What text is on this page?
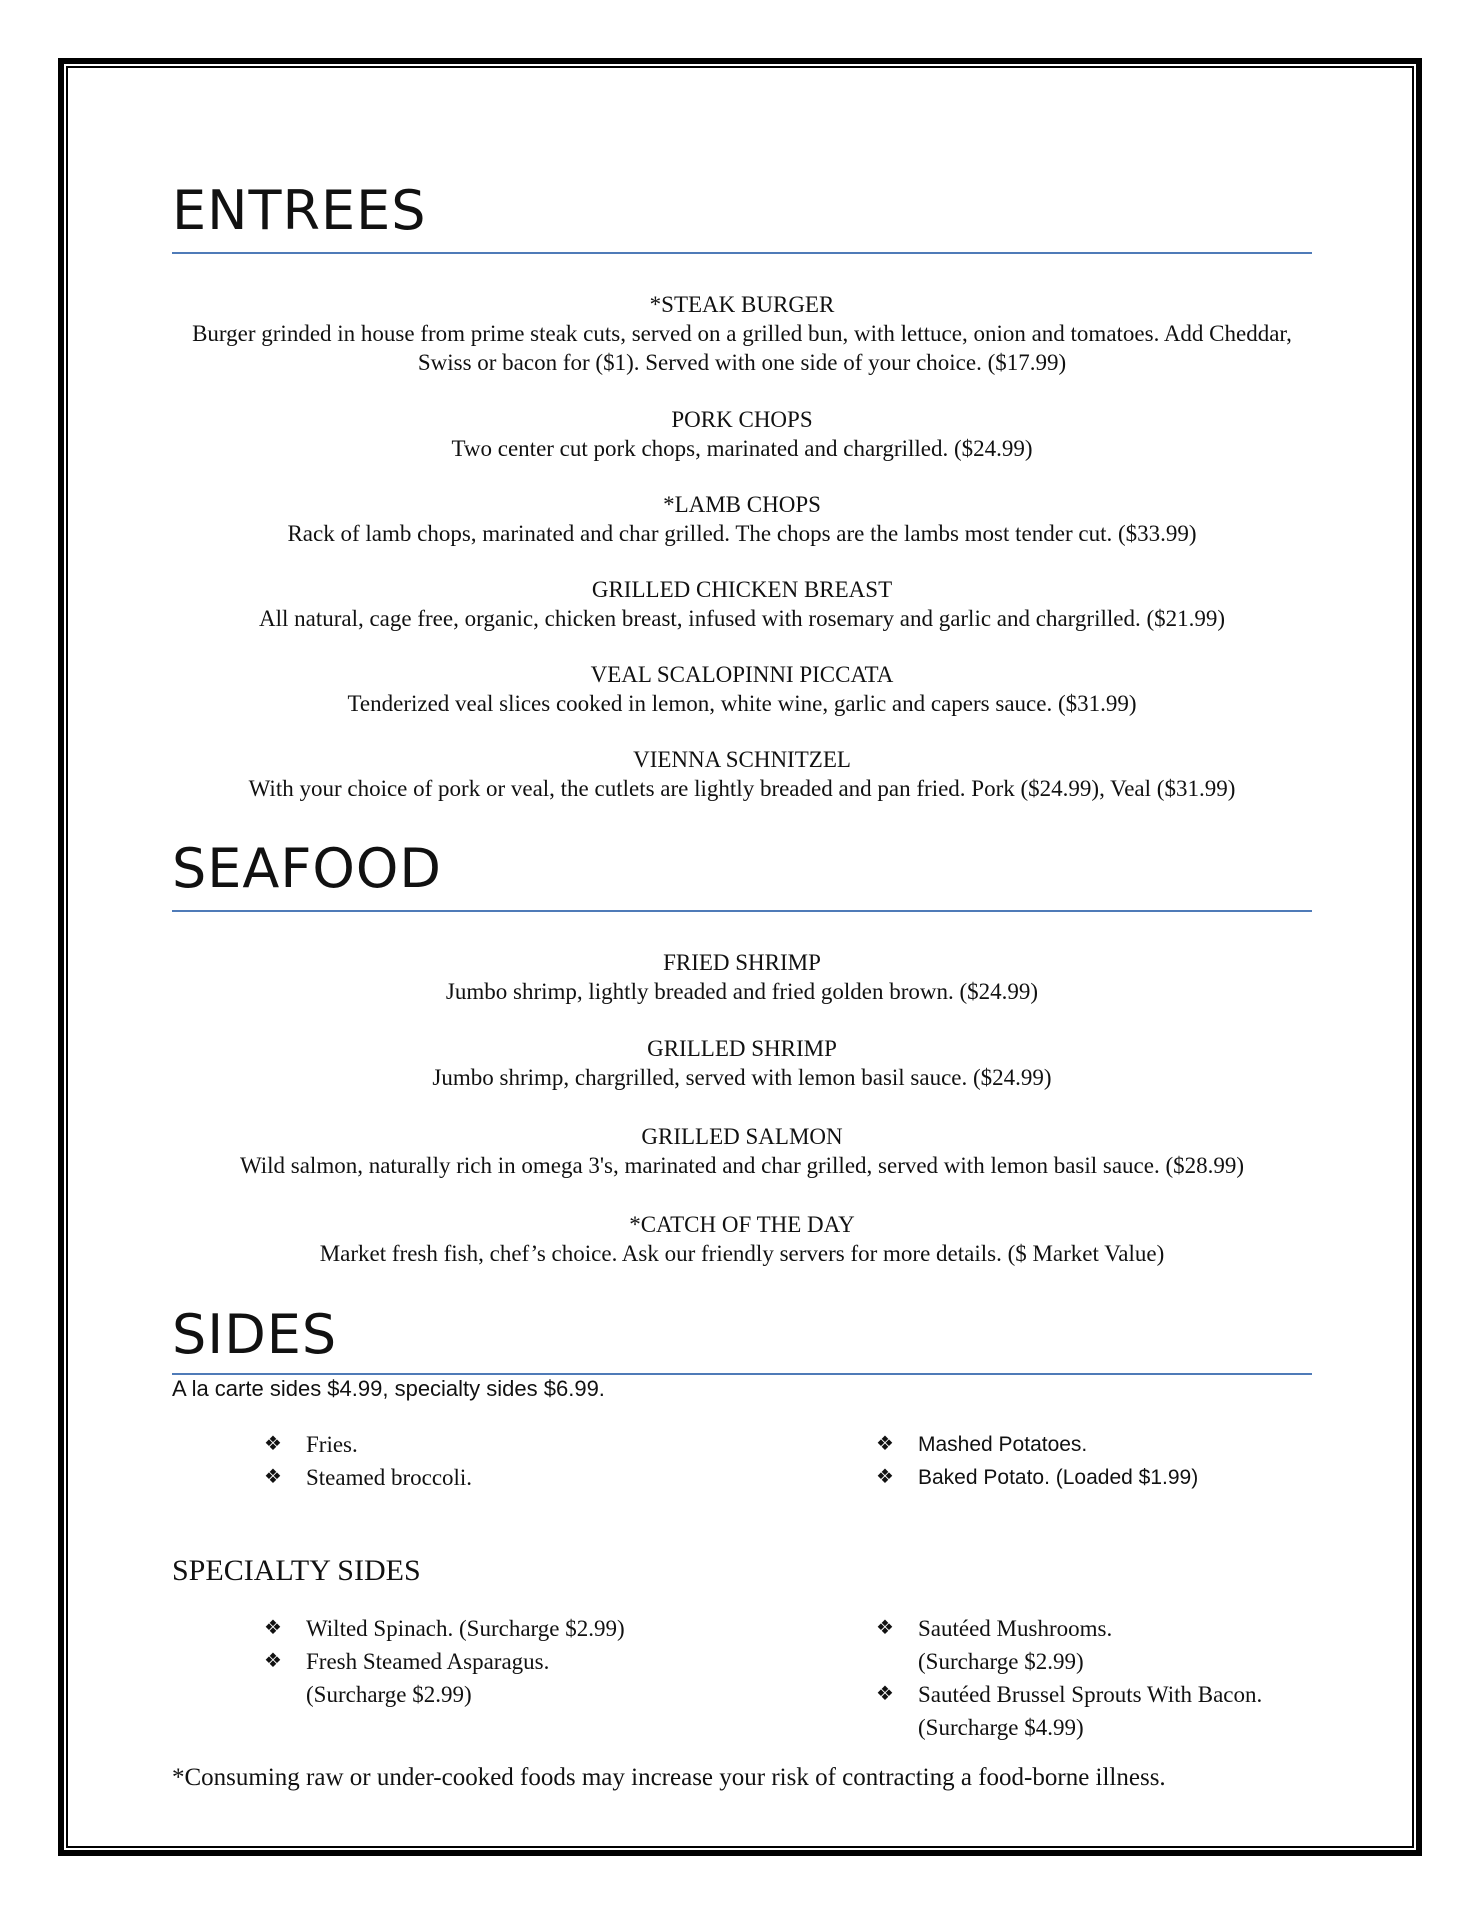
ENTREES
*STEAK BURGER
Burger grinded in house from prime steak cuts, served on a grilled bun, with lettuce, onion and tomatoes. Add Cheddar, Swiss or bacon for ($1). Served with one side of your choice. ($17.99)
PORK CHOPS
Two center cut pork chops, marinated and chargrilled. ($24.99)
*LAMB CHOPS
Rack of lamb chops, marinated and char grilled. The chops are the lambs most tender cut. ($33.99)
GRILLED CHICKEN BREAST
All natural, cage free, organic, chicken breast, infused with rosemary and garlic and chargrilled. ($21.99)
VEAL SCALOPINNI PICCATA
Tenderized veal slices cooked in lemon, white wine, garlic and capers sauce. ($31.99)
VIENNA SCHNITZEL
With your choice of pork or veal, the cutlets are lightly breaded and pan fried. Pork ($24.99), Veal ($31.99)
SEAFOOD
FRIED SHRIMP
Jumbo shrimp, lightly breaded and fried golden brown. ($24.99)
GRILLED SHRIMP
Jumbo shrimp, chargrilled, served with lemon basil sauce. ($24.99)
GRILLED SALMON
Wild salmon, naturally rich in omega 3's, marinated and char grilled, served with lemon basil sauce. ($28.99)
*CATCH OF THE DAY
Market fresh fish, chef’s choice. Ask our friendly servers for more details. ($ Market Value)
SIDES
A la carte sides $4.99, specialty sides $6.99.
❖ Fries.
❖ Steamed broccoli.
❖ Mashed Potatoes.
❖ Baked Potato. (Loaded $1.99)
SPECIALTY SIDES
❖ Wilted Spinach. (Surcharge $2.99)
❖ Fresh Steamed Asparagus.
(Surcharge $2.99)
❖ Sautéed Mushrooms.
(Surcharge $2.99)
❖ Sautéed Brussel Sprouts With Bacon.
(Surcharge $4.99)
*Consuming raw or under-cooked foods may increase your risk of contracting a food-borne illness.
